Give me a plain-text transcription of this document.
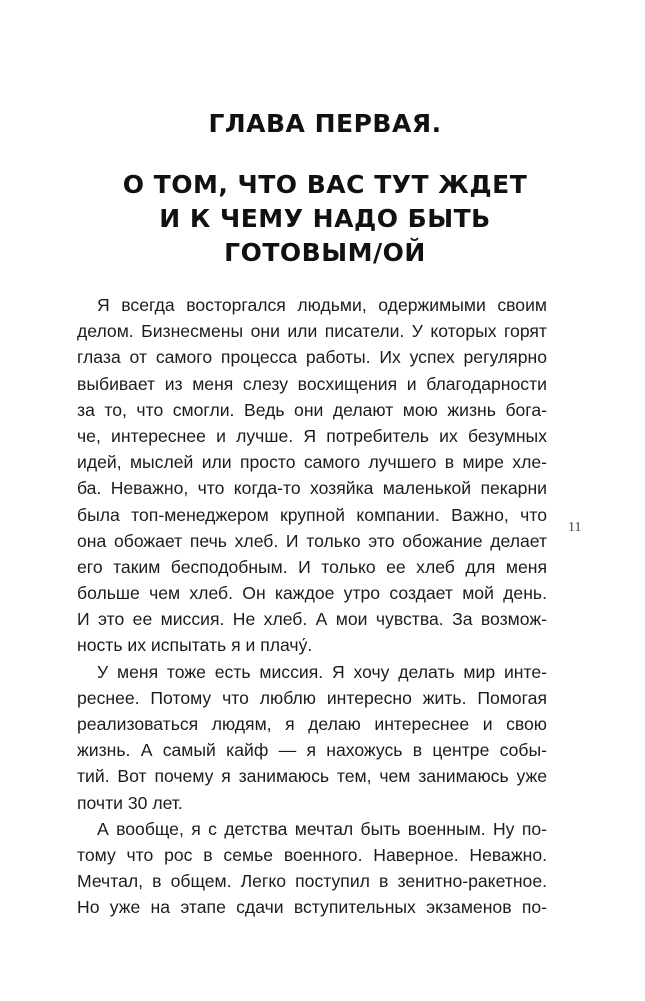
ГЛАВА ПЕРВАЯ.
О ТОМ, ЧТО ВАС ТУТ ЖДЕТ
И К ЧЕМУ НАДО БЫТЬ
ГОТОВЫМ/ОЙ
Я всегда восторгался людьми, одержимыми своим
делом. Бизнесмены они или писатели. У которых горят
глаза от самого процесса работы. Их успех регулярно
выбивает из меня слезу восхищения и благодарности
за то, что смогли. Ведь они делают мою жизнь бога-
че, интереснее и лучше. Я потребитель их безумных
идей, мыслей или просто самого лучшего в мире хле-
ба. Неважно, что когда-то хозяйка маленькой пекарни
была топ-менеджером крупной компании. Важно, что
она обожает печь хлеб. И только это обожание делает
его таким бесподобным. И только ее хлеб для меня
больше чем хлеб. Он каждое утро создает мой день.
И это ее миссия. Не хлеб. А мои чувства. За возмож-
ность их испытать я и плачу́.
У меня тоже есть миссия. Я хочу делать мир инте-
реснее. Потому что люблю интересно жить. Помогая
реализоваться людям, я делаю интереснее и свою
жизнь. А самый кайф — я нахожусь в центре собы-
тий. Вот почему я занимаюсь тем, чем занимаюсь уже
почти 30 лет.
А вообще, я с детства мечтал быть военным. Ну по-
тому что рос в семье военного. Наверное. Неважно.
Мечтал, в общем. Легко поступил в зенитно-ракетное.
Но уже на этапе сдачи вступительных экзаменов по-
11
